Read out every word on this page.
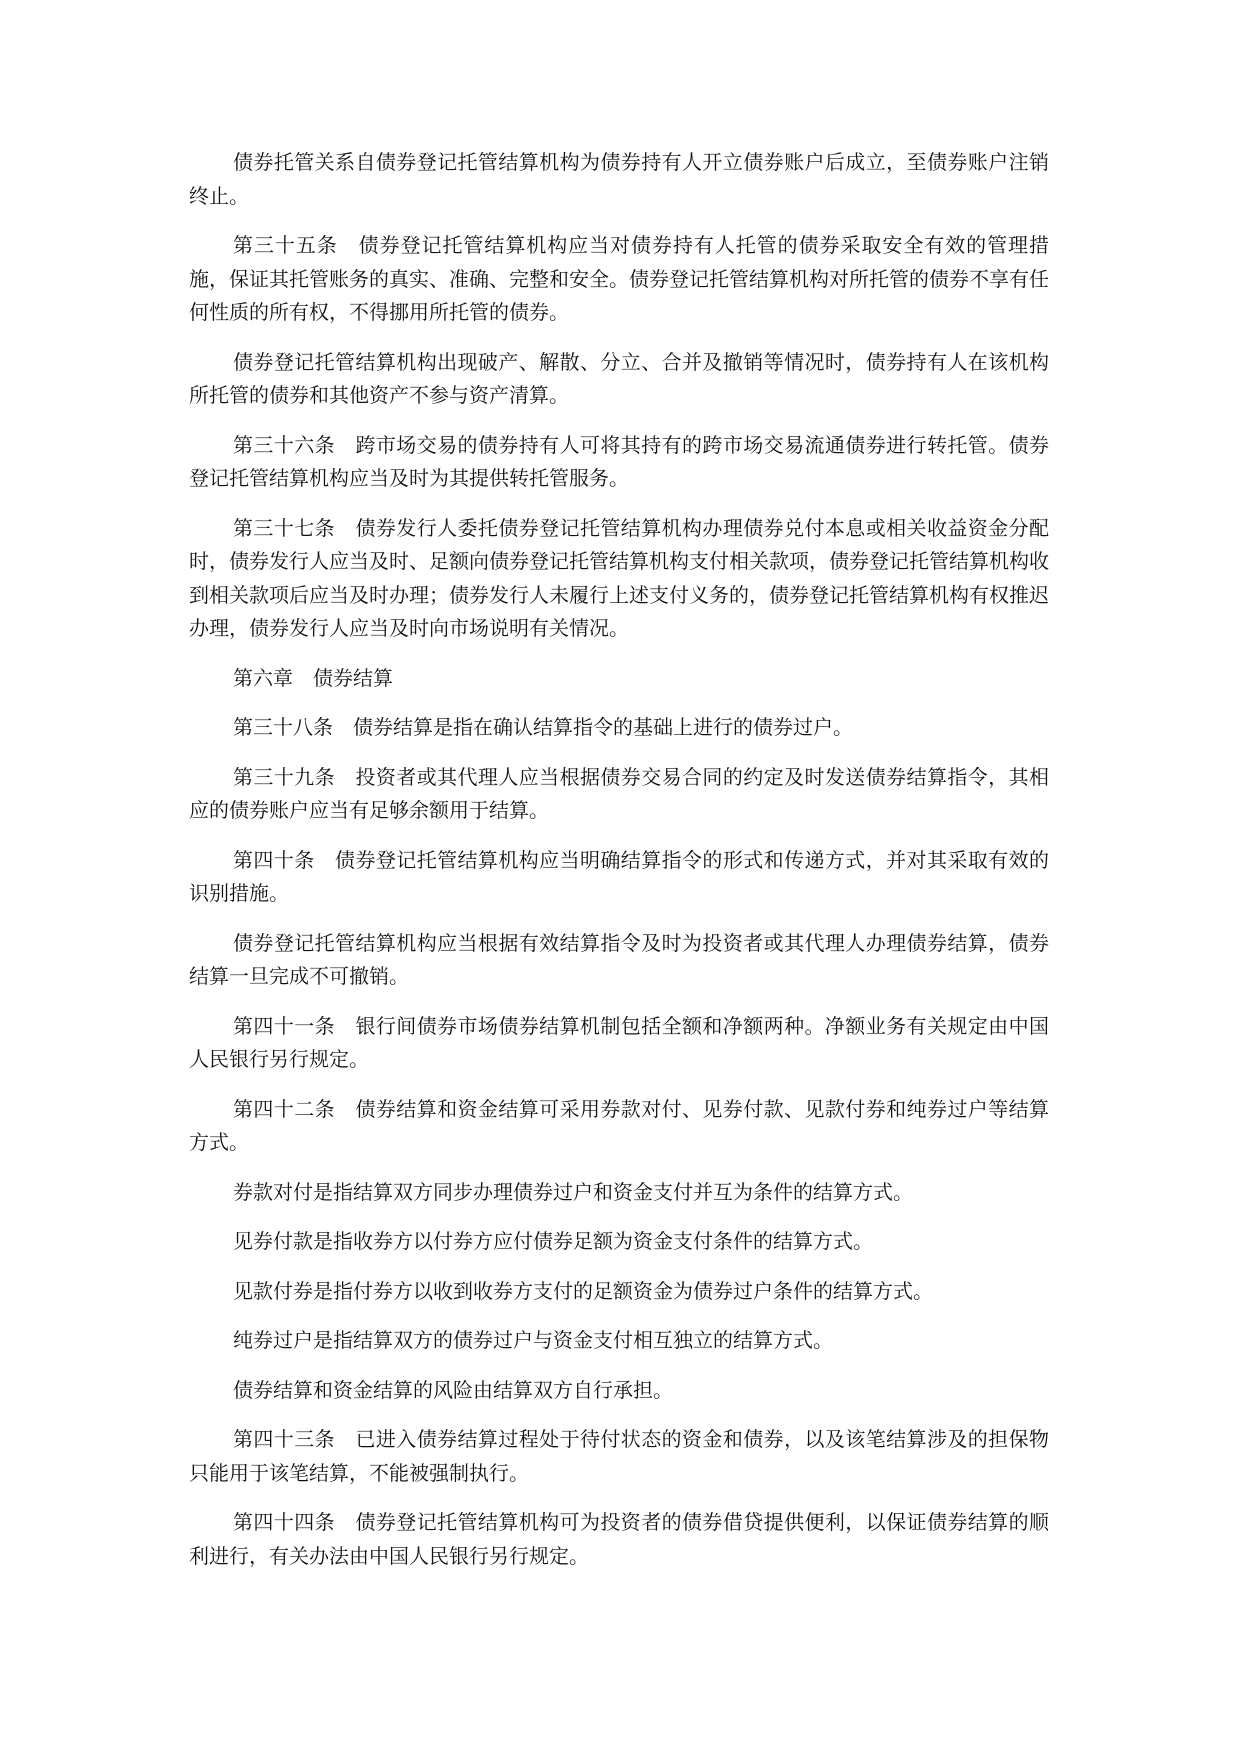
债券托管关系自债券登记托管结算机构为债券持有人开立债券账户后成立，至债券账户注销终止。

第三十五条　债券登记托管结算机构应当对债券持有人托管的债券采取安全有效的管理措施，保证其托管账务的真实、准确、完整和安全。债券登记托管结算机构对所托管的债券不享有任何性质的所有权，不得挪用所托管的债券。

债券登记托管结算机构出现破产、解散、分立、合并及撤销等情况时，债券持有人在该机构所托管的债券和其他资产不参与资产清算。

第三十六条　跨市场交易的债券持有人可将其持有的跨市场交易流通债券进行转托管。债券登记托管结算机构应当及时为其提供转托管服务。

第三十七条　债券发行人委托债券登记托管结算机构办理债券兑付本息或相关收益资金分配时，债券发行人应当及时、足额向债券登记托管结算机构支付相关款项，债券登记托管结算机构收到相关款项后应当及时办理；债券发行人未履行上述支付义务的，债券登记托管结算机构有权推迟办理，债券发行人应当及时向市场说明有关情况。

第六章　债券结算

第三十八条　债券结算是指在确认结算指令的基础上进行的债券过户。

第三十九条　投资者或其代理人应当根据债券交易合同的约定及时发送债券结算指令，其相应的债券账户应当有足够余额用于结算。

第四十条　债券登记托管结算机构应当明确结算指令的形式和传递方式，并对其采取有效的识别措施。

债券登记托管结算机构应当根据有效结算指令及时为投资者或其代理人办理债券结算，债券结算一旦完成不可撤销。

第四十一条　银行间债券市场债券结算机制包括全额和净额两种。净额业务有关规定由中国人民银行另行规定。

第四十二条　债券结算和资金结算可采用券款对付、见券付款、见款付券和纯券过户等结算方式。

券款对付是指结算双方同步办理债券过户和资金支付并互为条件的结算方式。

见券付款是指收券方以付券方应付债券足额为资金支付条件的结算方式。

见款付券是指付券方以收到收券方支付的足额资金为债券过户条件的结算方式。

纯券过户是指结算双方的债券过户与资金支付相互独立的结算方式。

债券结算和资金结算的风险由结算双方自行承担。

第四十三条　已进入债券结算过程处于待付状态的资金和债券，以及该笔结算涉及的担保物只能用于该笔结算，不能被强制执行。

第四十四条　债券登记托管结算机构可为投资者的债券借贷提供便利，以保证债券结算的顺利进行，有关办法由中国人民银行另行规定。
